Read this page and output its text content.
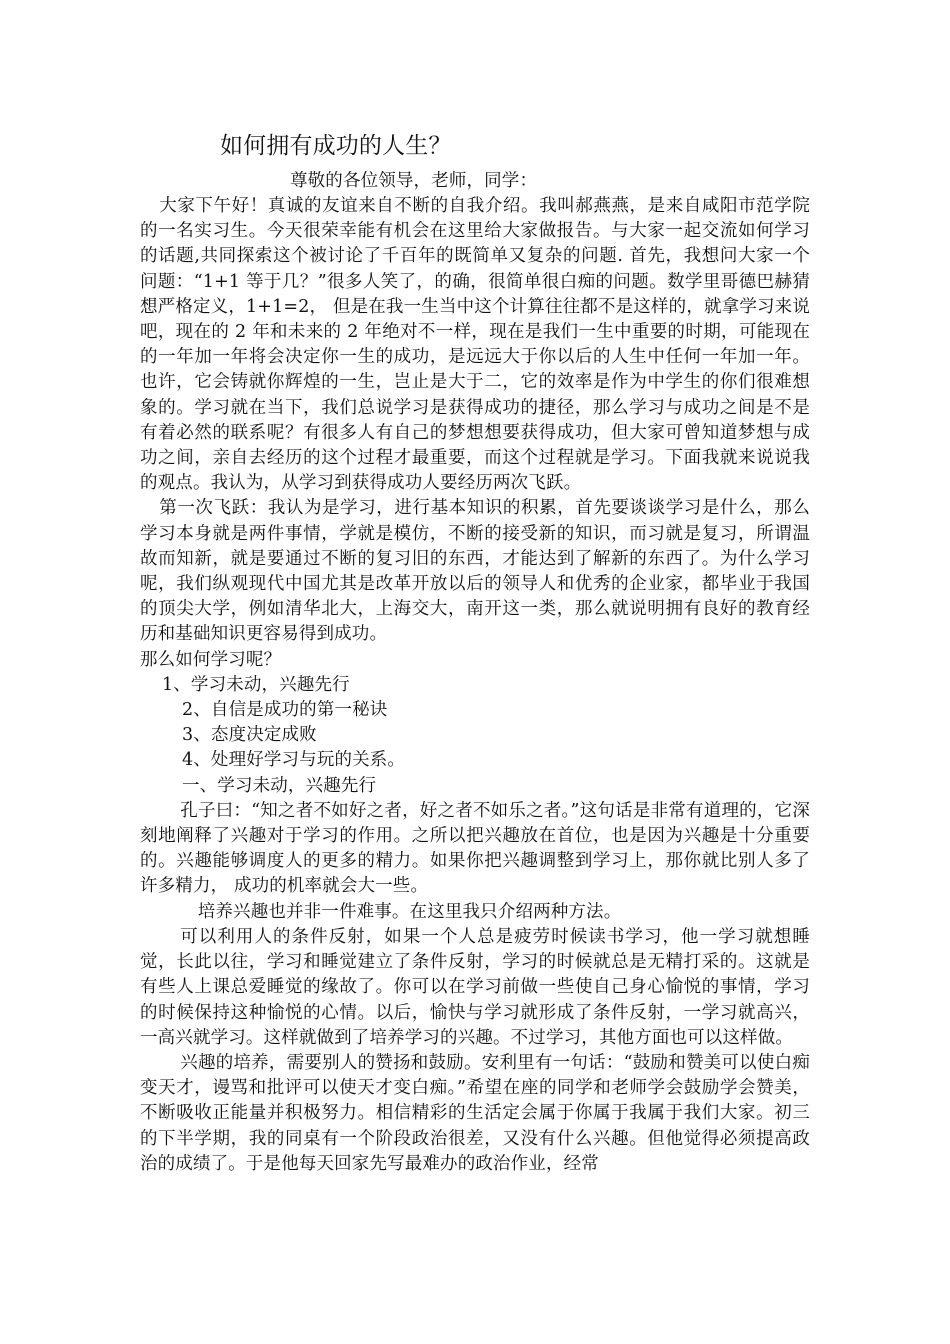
如何拥有成功的人生？
尊敬的各位领导，老师，同学：

大家下午好！真诚的友谊来自不断的自我介绍。我叫郝燕燕，是来自咸阳市范学院的一名实习生。今天很荣幸能有机会在这里给大家做报告。与大家一起交流如何学习的话题,共同探索这个被讨论了千百年的既简单又复杂的问题. 首先，我想问大家一个问题：“1+1 等于几？”很多人笑了，的确，很简单很白痴的问题。数学里哥德巴赫猜想严格定义，1+1=2， 但是在我一生当中这个计算往往都不是这样的，就拿学习来说吧，现在的 2 年和未来的 2 年绝对不一样，现在是我们一生中重要的时期，可能现在的一年加一年将会决定你一生的成功，是远远大于你以后的人生中任何一年加一年。也许，它会铸就你辉煌的一生，岂止是大于二，它的效率是作为中学生的你们很难想象的。学习就在当下，我们总说学习是获得成功的捷径，那么学习与成功之间是不是有着必然的联系呢？有很多人有自己的梦想想要获得成功，但大家可曾知道梦想与成功之间，亲自去经历的这个过程才最重要，而这个过程就是学习。下面我就来说说我的观点。我认为，从学习到获得成功人要经历两次飞跃。

第一次飞跃：我认为是学习，进行基本知识的积累，首先要谈谈学习是什么，那么学习本身就是两件事情，学就是模仿，不断的接受新的知识，而习就是复习，所谓温故而知新，就是要通过不断的复习旧的东西，才能达到了解新的东西了。为什么学习呢，我们纵观现代中国尤其是改革开放以后的领导人和优秀的企业家，都毕业于我国的顶尖大学，例如清华北大，上海交大，南开这一类，那么就说明拥有良好的教育经历和基础知识更容易得到成功。

那么如何学习呢？

1、学习未动，兴趣先行
2、自信是成功的第一秘诀
3、态度决定成败
4、处理好学习与玩的关系。
一、学习未动，兴趣先行

孔子曰：“知之者不如好之者，好之者不如乐之者。”这句话是非常有道理的，它深刻地阐释了兴趣对于学习的作用。之所以把兴趣放在首位，也是因为兴趣是十分重要的。兴趣能够调度人的更多的精力。如果你把兴趣调整到学习上，那你就比别人多了许多精力， 成功的机率就会大一些。

培养兴趣也并非一件难事。在这里我只介绍两种方法。

可以利用人的条件反射，如果一个人总是疲劳时候读书学习，他一学习就想睡觉，长此以往，学习和睡觉建立了条件反射，学习的时候就总是无精打采的。这就是有些人上课总爱睡觉的缘故了。你可以在学习前做一些使自己身心愉悦的事情，学习的时候保持这种愉悦的心情。以后，愉快与学习就形成了条件反射，一学习就高兴，一高兴就学习。这样就做到了培养学习的兴趣。不过学习，其他方面也可以这样做。

兴趣的培养，需要别人的赞扬和鼓励。安利里有一句话：“鼓励和赞美可以使白痴变天才，谩骂和批评可以使天才变白痴。”希望在座的同学和老师学会鼓励学会赞美，不断吸收正能量并积极努力。相信精彩的生活定会属于你属于我属于我们大家。初三的下半学期，我的同桌有一个阶段政治很差，又没有什么兴趣。但他觉得必须提高政治的成绩了。于是他每天回家先写最难办的政治作业，经常
